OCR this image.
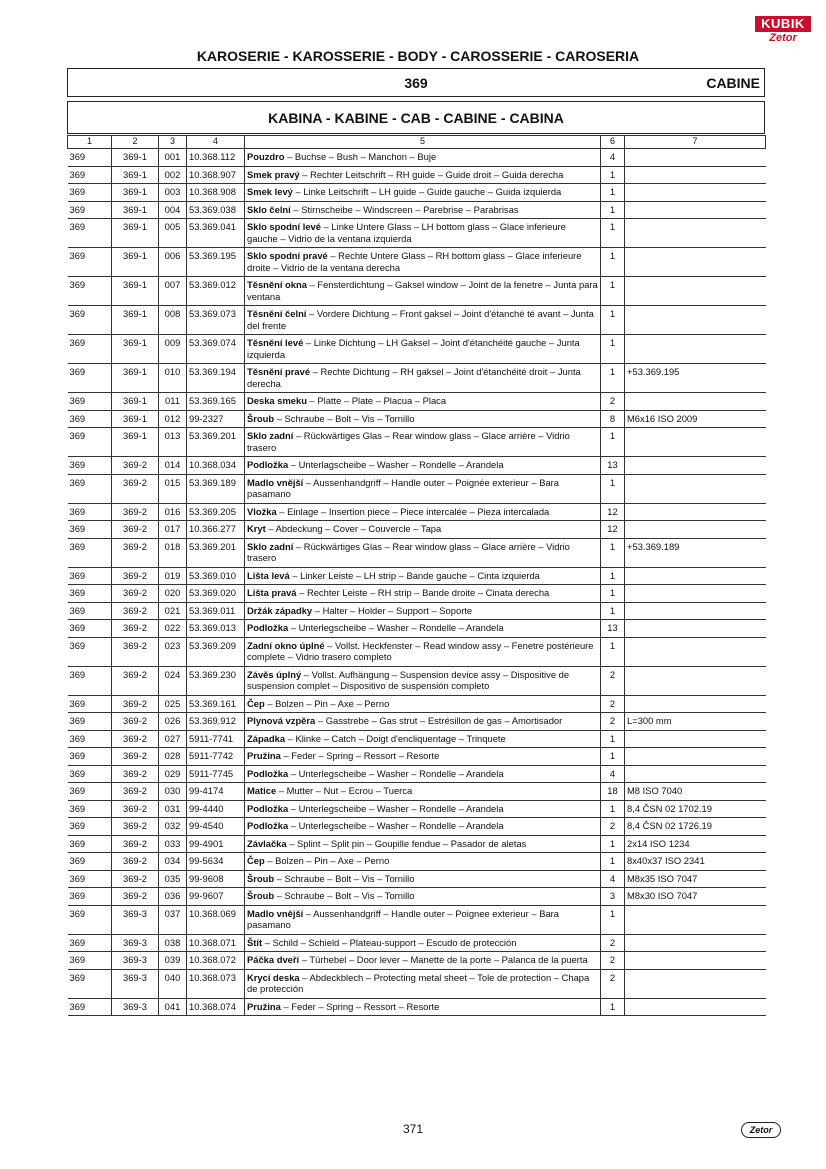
KUBIK
Zetor
KAROSERIE - KAROSSERIE - BODY - CAROSSERIE - CAROSERIA
369	CABINE
KABINA - KABINE - CAB - CABINE - CABINA
1	2	3	4	5	6	7
369	369-1	001	10.368.112	Pouzdro – Buchse – Bush – Manchon – Buje	4	
369	369-1	002	10.368.907	Smek pravý – Rechter Leitschrift – RH guide – Guide droit – Guida derecha	1	
369	369-1	003	10.368.908	Smek levý – Linke Leitschrift – LH guide – Guide gauche – Guida izquierda	1	
369	369-1	004	53.369.038	Sklo čelní – Stirnscheibe – Windscreen – Parebrise – Parabrisas	1	
369	369-1	005	53.369.041	Sklo spodní levé – Linke Untere Glass – LH bottom glass – Glace inferieure gauche – Vidrio de la ventana izquierda	1	
369	369-1	006	53.369.195	Sklo spodní pravé – Rechte Untere Glass – RH bottom glass – Glace inferieure droite – Vidrio de la ventana derecha	1	
369	369-1	007	53.369.012	Těsnění okna – Fensterdichtung – Gaksel window – Joint de la fenetre – Junta para ventana	1	
369	369-1	008	53.369.073	Těsnění čelní – Vordere Dichtung – Front gaksel – Joint d'étanché té avant – Junta del frente	1	
369	369-1	009	53.369.074	Těsnění levé – Linke Dichtung – LH Gaksel – Joint d'étanchéité gauche – Junta izquierda	1	
369	369-1	010	53.369.194	Těsnění pravé – Rechte Dichtung – RH gaksel – Joint d'étanchéité droit – Junta derecha	1	+53.369.195
369	369-1	011	53.369.165	Deska smeku – Platte – Plate – Placua – Placa	2	
369	369-1	012	99-2327	Šroub – Schraube – Bolt – Vis – Tornillo	8	M6x16 ISO 2009
369	369-1	013	53.369.201	Sklo zadní – Rückwärtiges Glas – Rear window glass – Glace arrière – Vidrio trasero	1	
369	369-2	014	10.368.034	Podložka – Unterlagscheibe – Washer – Rondelle – Arandela	13	
369	369-2	015	53.369.189	Madlo vnější – Aussenhandgriff – Handle outer – Poignée exterieur – Bara pasamano	1	
369	369-2	016	53.369.205	Vložka – Einlage – Insertion piece – Piece intercalée – Pieza intercalada	12	
369	369-2	017	10.366.277	Kryt – Abdeckung – Cover – Couvercle – Tapa	12	
369	369-2	018	53.369.201	Sklo zadní – Rückwärtiges Glas – Rear window glass – Glace arrière – Vidrio trasero	1	+53.369.189
369	369-2	019	53.369.010	Lišta levá – Linker Leiste – LH strip – Bande gauche – Cinta izquierda	1	
369	369-2	020	53.369.020	Lišta pravá – Rechter Leiste – RH strip – Bande droite – Cinata derecha	1	
369	369-2	021	53.369.011	Držák západky – Halter – Holder – Support – Soporte	1	
369	369-2	022	53.369.013	Podložka – Unterlegscheibe – Washer – Rondelle – Arandela	13	
369	369-2	023	53.369.209	Zadní okno úplné – Vollst. Heckfenster – Read window assy – Fenetre postérieure complete – Vidrio trasero completo	1	
369	369-2	024	53.369.230	Závěs úplný – Vollst. Aufhängung – Suspension device assy – Dispositive de suspension complet – Dispositivo de suspensión completo	2	
369	369-2	025	53.369.161	Čep – Bolzen – Pin – Axe – Perno	2	
369	369-2	026	53.369.912	Plynová vzpěra – Gasstrebe – Gas strut – Estrésillon de gas – Amortisador	2	L=300 mm
369	369-2	027	5911-7741	Západka – Klinke – Catch – Doigt d'encliquentage – Trinquete	1	
369	369-2	028	5911-7742	Pružina – Feder – Spring – Ressort – Resorte	1	
369	369-2	029	5911-7745	Podložka – Unterlegscheibe – Washer – Rondelle – Arandela	4	
369	369-2	030	99-4174	Matice – Mutter – Nut – Ecrou – Tuerca	18	M8 ISO 7040
369	369-2	031	99-4440	Podložka – Unterlegscheibe – Washer – Rondelle – Arandela	1	8,4 ČSN 02 1702.19
369	369-2	032	99-4540	Podložka – Unterlegscheibe – Washer – Rondelle – Arandela	2	8,4 ČSN 02 1726.19
369	369-2	033	99-4901	Závlačka – Splint – Split pin – Goupille fendue – Pasador de aletas	1	2x14 ISO 1234
369	369-2	034	99-5634	Čep – Bolzen – Pin – Axe – Perno	1	8x40x37 ISO 2341
369	369-2	035	99-9608	Šroub – Schraube – Bolt – Vis – Tornillo	4	M8x35 ISO 7047
369	369-2	036	99-9607	Šroub – Schraube – Bolt – Vis – Tornillo	3	M8x30 ISO 7047
369	369-3	037	10.368.069	Madlo vnější – Aussenhandgriff – Handle outer – Poignee exterieur – Bara pasamano	1	
369	369-3	038	10.368.071	Štít – Schild – Schield – Plateau-support – Escudo de protección	2	
369	369-3	039	10.368.072	Páčka dveří – Türhebel – Door lever – Manette de la porte – Palanca de la puerta	2	
369	369-3	040	10.368.073	Krycí deska – Abdeckblech – Protecting metal sheet – Tole de protection – Chapa de protección	2	
369	369-3	041	10.368.074	Pružina – Feder – Spring – Ressort – Resorte	1	
371	Zetor
